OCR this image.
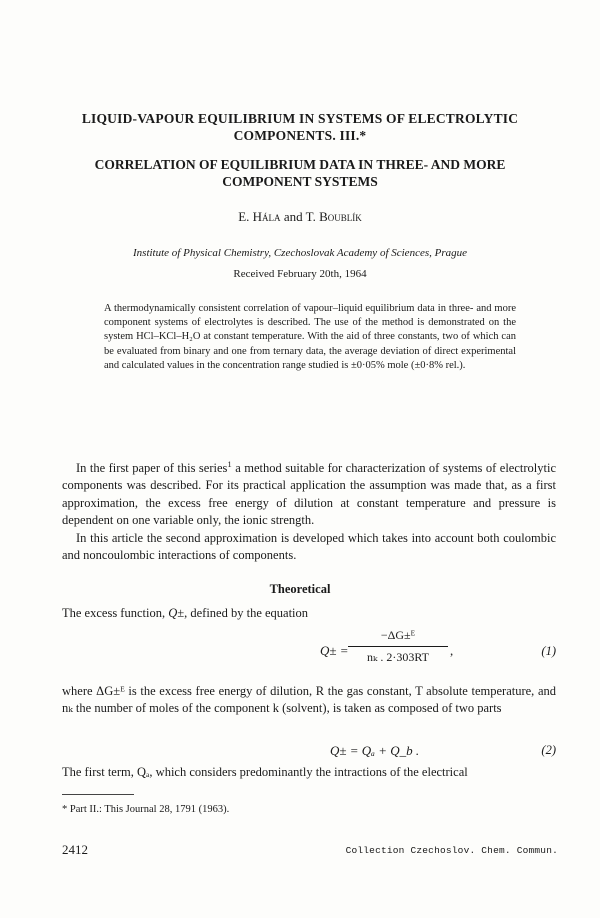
LIQUID-VAPOUR EQUILIBRIUM IN SYSTEMS OF ELECTROLYTIC COMPONENTS. III.*
CORRELATION OF EQUILIBRIUM DATA IN THREE- AND MORE COMPONENT SYSTEMS
E. Hála and T. Boublík
Institute of Physical Chemistry, Czechoslovak Academy of Sciences, Prague
Received February 20th, 1964
A thermodynamically consistent correlation of vapour–liquid equilibrium data in three- and more component systems of electrolytes is described. The use of the method is demonstrated on the system HCl–KCl–H₂O at constant temperature. With the aid of three constants, two of which can be evaluated from binary and one from ternary data, the average deviation of direct experimental and calculated values in the concentration range studied is ±0·05% mole (±0·8% rel.).
In the first paper of this series$^1$ a method suitable for characterization of systems of electrolytic components was described. For its practical application the assumption was made that, as a first approximation, the excess free energy of dilution at constant temperature and pressure is dependent on one variable only, the ionic strength.
In this article the second approximation is developed which takes into account both coulombic and noncoulombic interactions of components.
Theoretical
The excess function, Q±, defined by the equation
$Q\pm = \frac{\text{−ΔG±ᴱ}}{\text{nₖ . 2·303RT}}$ ,	(1)
where ΔG±ᴱ is the excess free energy of dilution, R the gas constant, T absolute temperature, and nₖ the number of moles of the component k (solvent), is taken as composed of two parts
Q± = Qₐ + Q_b .	(2)
The first term, Qₐ, which considers predominantly the intractions of the electrical
* Part II.: This Journal 28, 1791 (1963).
2412	Collection Czechoslov. Chem. Commun.
